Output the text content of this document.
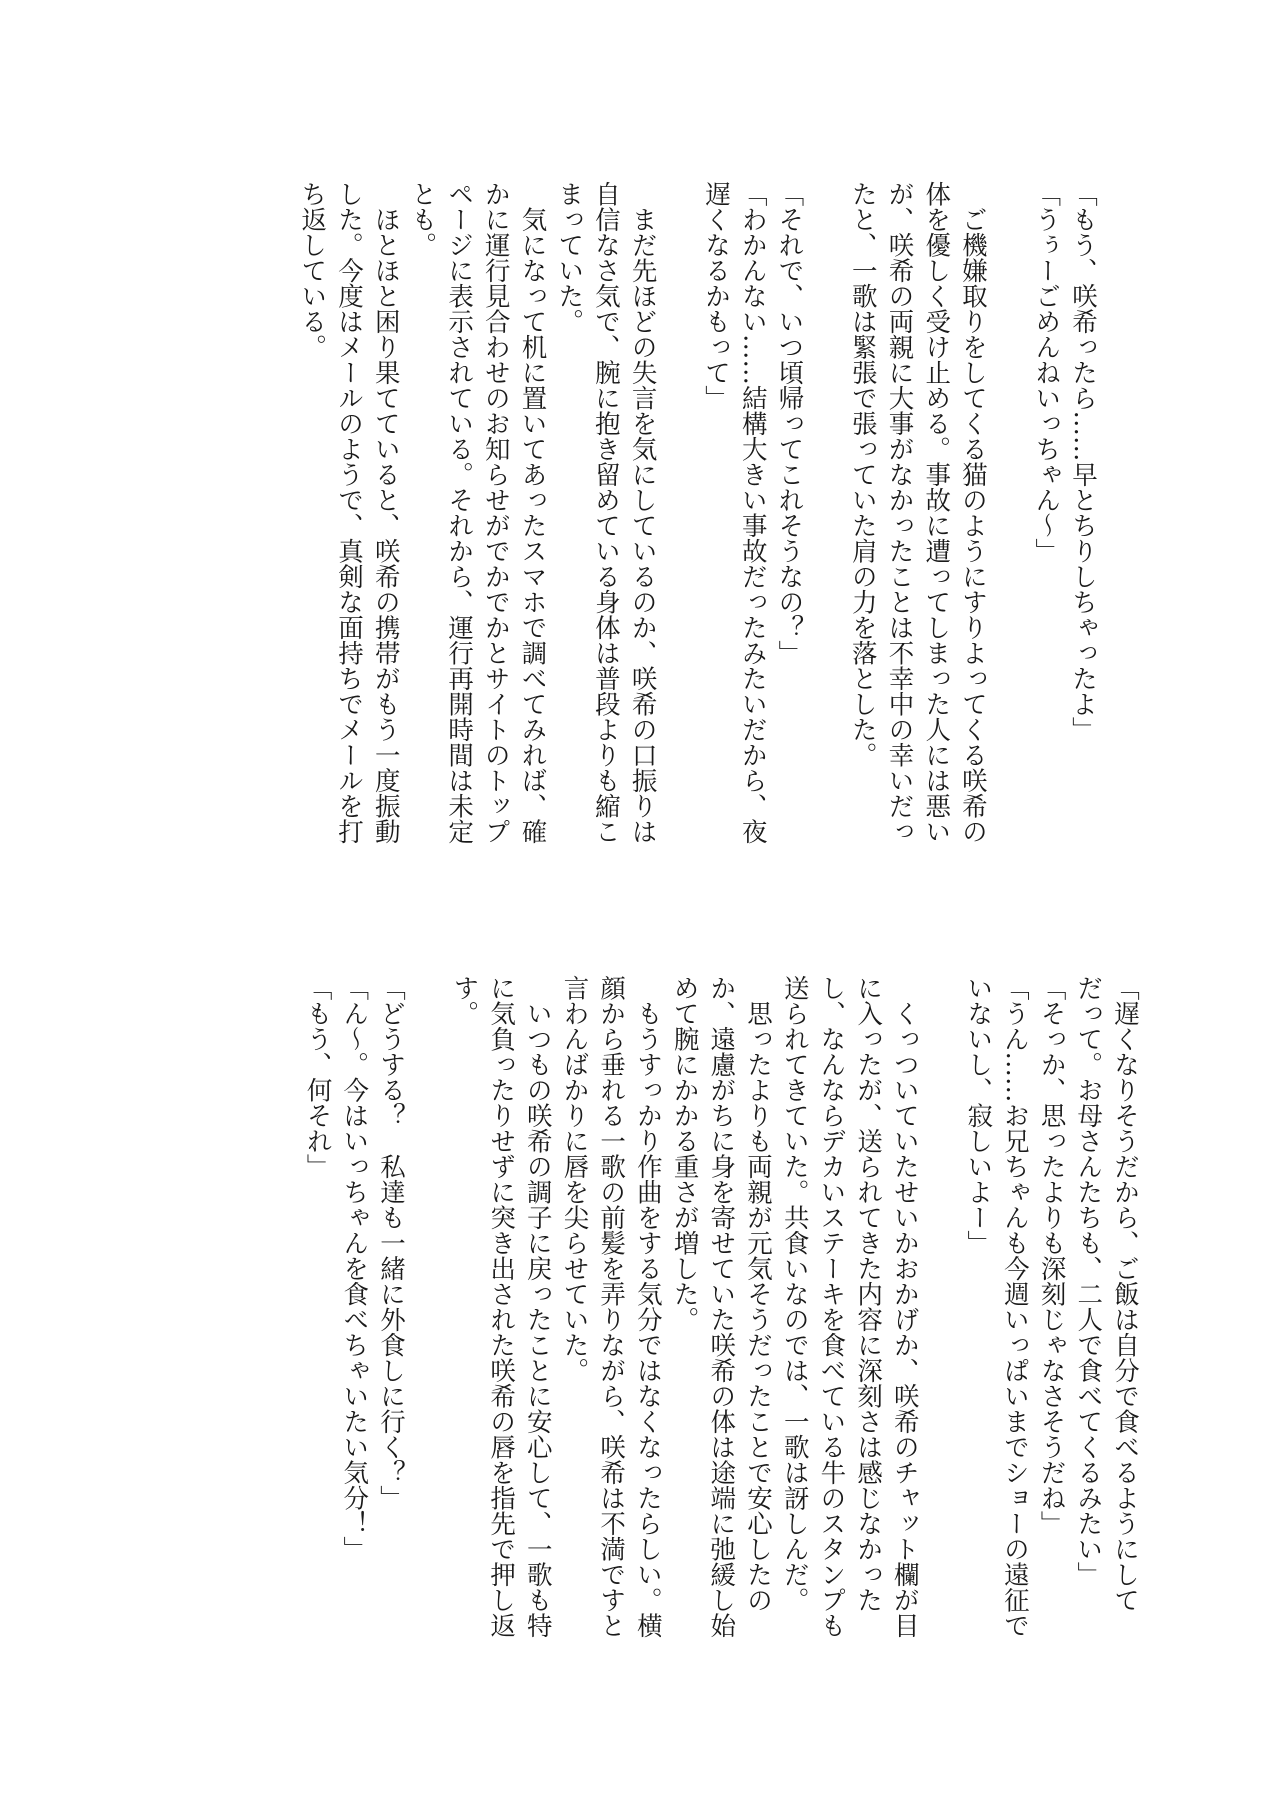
「もう、咲希ったら……早とちりしちゃったよ」
「うぅーごめんねいっちゃん〜」
　ご機嫌取りをしてくる猫のようにすりよってくる咲希の
体を優しく受け止める。事故に遭ってしまった人には悪い
が、咲希の両親に大事がなかったことは不幸中の幸いだっ
たと、一歌は緊張で張っていた肩の力を落とした。
「それで、いつ頃帰ってこれそうなの？」
「わかんない……結構大きい事故だったみたいだから、夜
遅くなるかもって」
　まだ先ほどの失言を気にしているのか、咲希の口振りは
自信なさ気で、腕に抱き留めている身体は普段よりも縮こ
まっていた。
　気になって机に置いてあったスマホで調べてみれば、確
かに運行見合わせのお知らせがでかでかとサイトのトップ
ページに表示されている。それから、運行再開時間は未定
とも。
　ほとほと困り果てていると、咲希の携帯がもう一度振動
した。今度はメールのようで、真剣な面持ちでメールを打
ち返している。
「遅くなりそうだから、ご飯は自分で食べるようにして
だって。お母さんたちも、二人で食べてくるみたい」
「そっか、思ったよりも深刻じゃなさそうだね」
「うん……お兄ちゃんも今週いっぱいまでショーの遠征で
いないし、寂しいよー」
　くっついていたせいかおかげか、咲希のチャット欄が目
に入ったが、送られてきた内容に深刻さは感じなかった
し、なんならデカいステーキを食べている牛のスタンプも
送られてきていた。共食いなのでは、一歌は訝しんだ。
　思ったよりも両親が元気そうだったことで安心したの
か、遠慮がちに身を寄せていた咲希の体は途端に弛緩し始
めて腕にかかる重さが増した。
　もうすっかり作曲をする気分ではなくなったらしい。横
顔から垂れる一歌の前髪を弄りながら、咲希は不満ですと
言わんばかりに唇を尖らせていた。
　いつもの咲希の調子に戻ったことに安心して、一歌も特
に気負ったりせずに突き出された咲希の唇を指先で押し返
す。
「どうする？　私達も一緒に外食しに行く？」
「ん〜。今はいっちゃんを食べちゃいたい気分！」
「もう、何それ」
